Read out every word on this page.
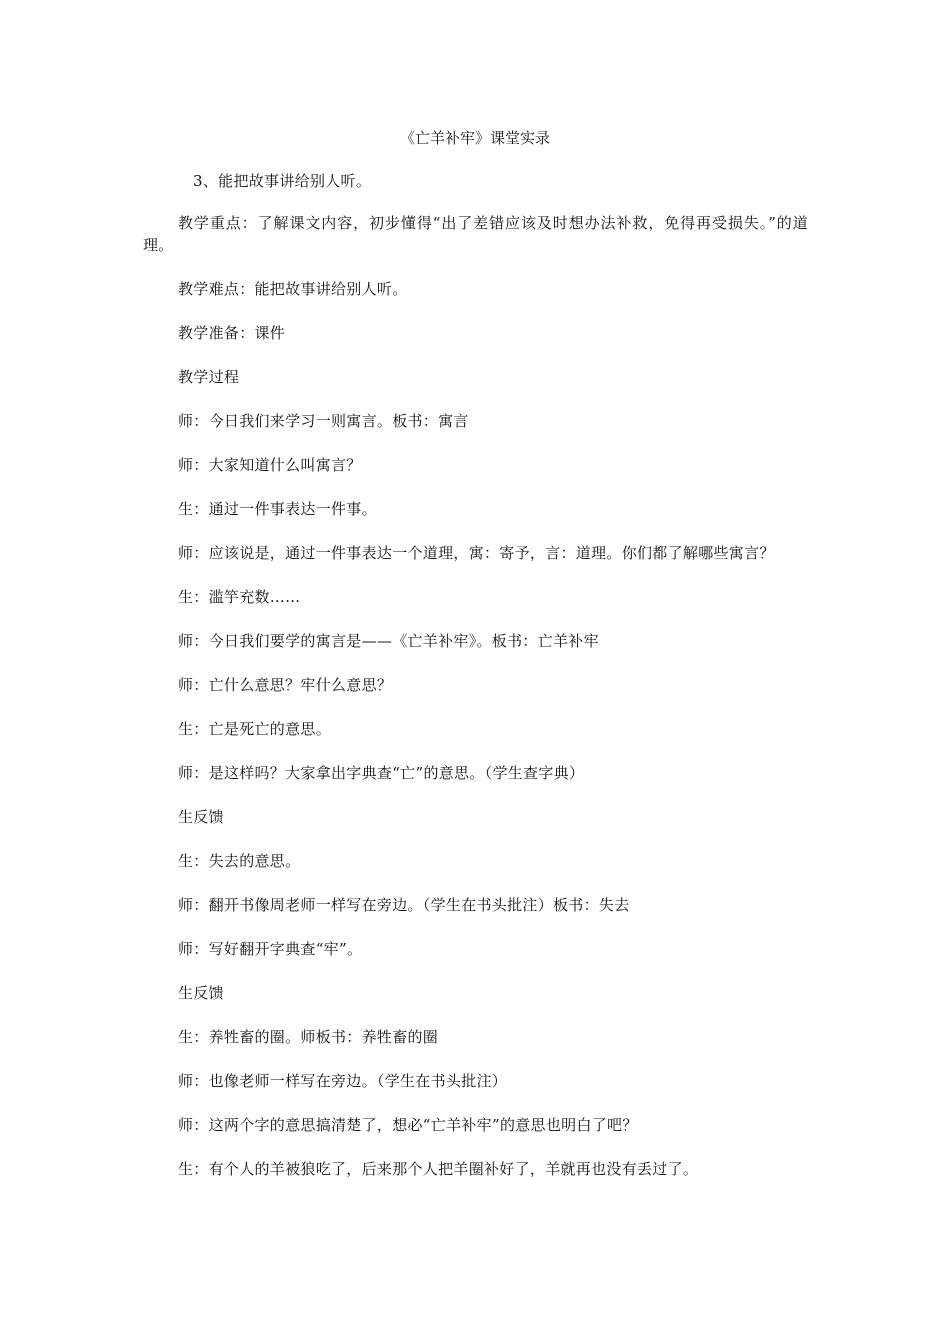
《亡羊补牢》课堂实录

3、能把故事讲给别人听。

教学重点：了解课文内容，初步懂得“出了差错应该及时想办法补救，免得再受损失。”的道理。

教学难点：能把故事讲给别人听。

教学准备：课件

教学过程

师：今日我们来学习一则寓言。板书：寓言

师：大家知道什么叫寓言？

生：通过一件事表达一件事。

师：应该说是，通过一件事表达一个道理，寓：寄予，言：道理。你们都了解哪些寓言？

生：滥竽充数……

师：今日我们要学的寓言是——《亡羊补牢》。板书：亡羊补牢

师：亡什么意思？牢什么意思？

生：亡是死亡的意思。

师：是这样吗？大家拿出字典查“亡”的意思。（学生查字典）

生反馈

生：失去的意思。

师：翻开书像周老师一样写在旁边。（学生在书头批注）板书：失去

师：写好翻开字典查“牢”。

生反馈

生：养牲畜的圈。师板书：养牲畜的圈

师：也像老师一样写在旁边。（学生在书头批注）

师：这两个字的意思搞清楚了，想必“亡羊补牢”的意思也明白了吧？

生：有个人的羊被狼吃了，后来那个人把羊圈补好了，羊就再也没有丢过了。
